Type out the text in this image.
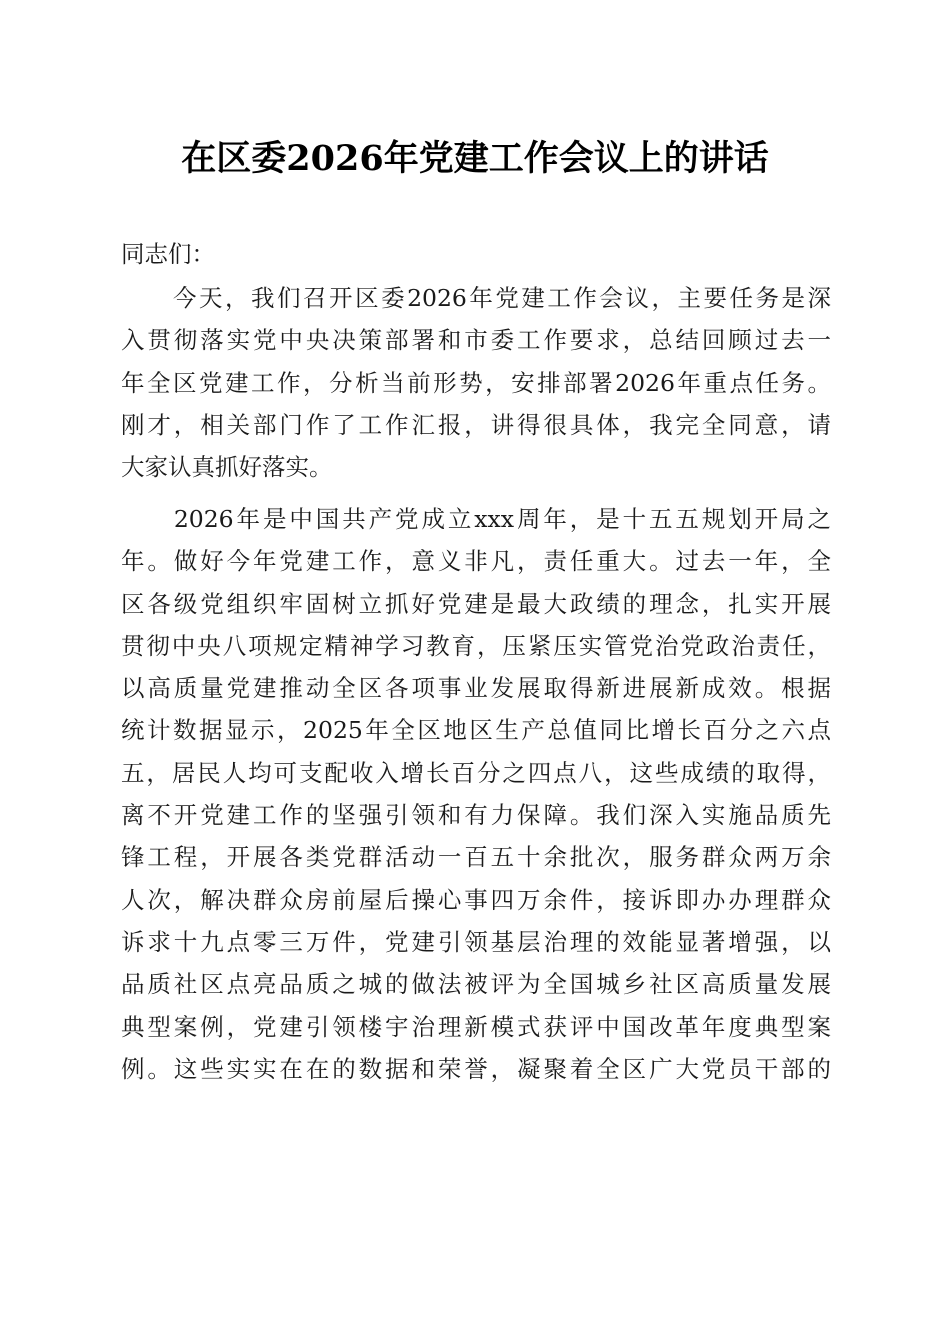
在区委2026年党建工作会议上的讲话
同志们：
　　今天，我们召开区委2026年党建工作会议，主要任务是深
入贯彻落实党中央决策部署和市委工作要求，总结回顾过去一
年全区党建工作，分析当前形势，安排部署2026年重点任务。
刚才，相关部门作了工作汇报，讲得很具体，我完全同意，请
大家认真抓好落实。
　　2026年是中国共产党成立xxx周年，是十五五规划开局之
年。做好今年党建工作，意义非凡，责任重大。过去一年，全
区各级党组织牢固树立抓好党建是最大政绩的理念，扎实开展
贯彻中央八项规定精神学习教育，压紧压实管党治党政治责任，
以高质量党建推动全区各项事业发展取得新进展新成效。根据
统计数据显示，2025年全区地区生产总值同比增长百分之六点
五，居民人均可支配收入增长百分之四点八，这些成绩的取得，
离不开党建工作的坚强引领和有力保障。我们深入实施品质先
锋工程，开展各类党群活动一百五十余批次，服务群众两万余
人次，解决群众房前屋后操心事四万余件，接诉即办办理群众
诉求十九点零三万件，党建引领基层治理的效能显著增强，以
品质社区点亮品质之城的做法被评为全国城乡社区高质量发展
典型案例，党建引领楼宇治理新模式获评中国改革年度典型案
例。这些实实在在的数据和荣誉，凝聚着全区广大党员干部的
